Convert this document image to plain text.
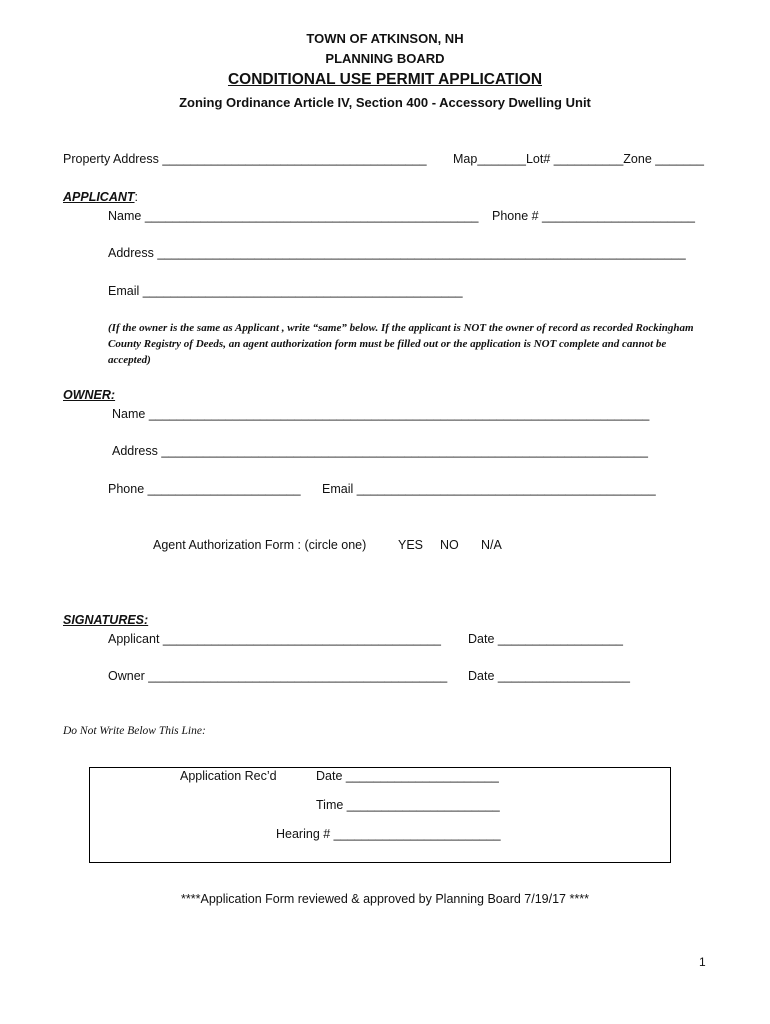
TOWN OF ATKINSON, NH
PLANNING BOARD
CONDITIONAL USE PERMIT APPLICATION
Zoning Ordinance Article IV, Section 400 - Accessory Dwelling Unit
Property Address ______________________________________ Map_______Lot# __________Zone _______
APPLICANT:
Name ________________________________________________ Phone # ______________________
Address ____________________________________________________________________________
Email ______________________________________________
(If the owner is the same as Applicant , write “same” below. If the applicant is NOT the owner of record as recorded Rockingham County Registry of Deeds, an agent authorization form must be filled out or the application is NOT complete and cannot be accepted)
OWNER:
Name ________________________________________________________________________
Address ______________________________________________________________________
Phone ______________________ Email ___________________________________________
Agent Authorization Form : (circle one)	YES NO N/A
SIGNATURES:
Applicant ________________________________________ Date __________________
Owner ___________________________________________ Date ___________________
Do Not Write Below This Line:
Application Rec’d	Date ______________________
Time ______________________
Hearing # ________________________
****Application Form reviewed & approved by Planning Board 7/19/17 ****
1
